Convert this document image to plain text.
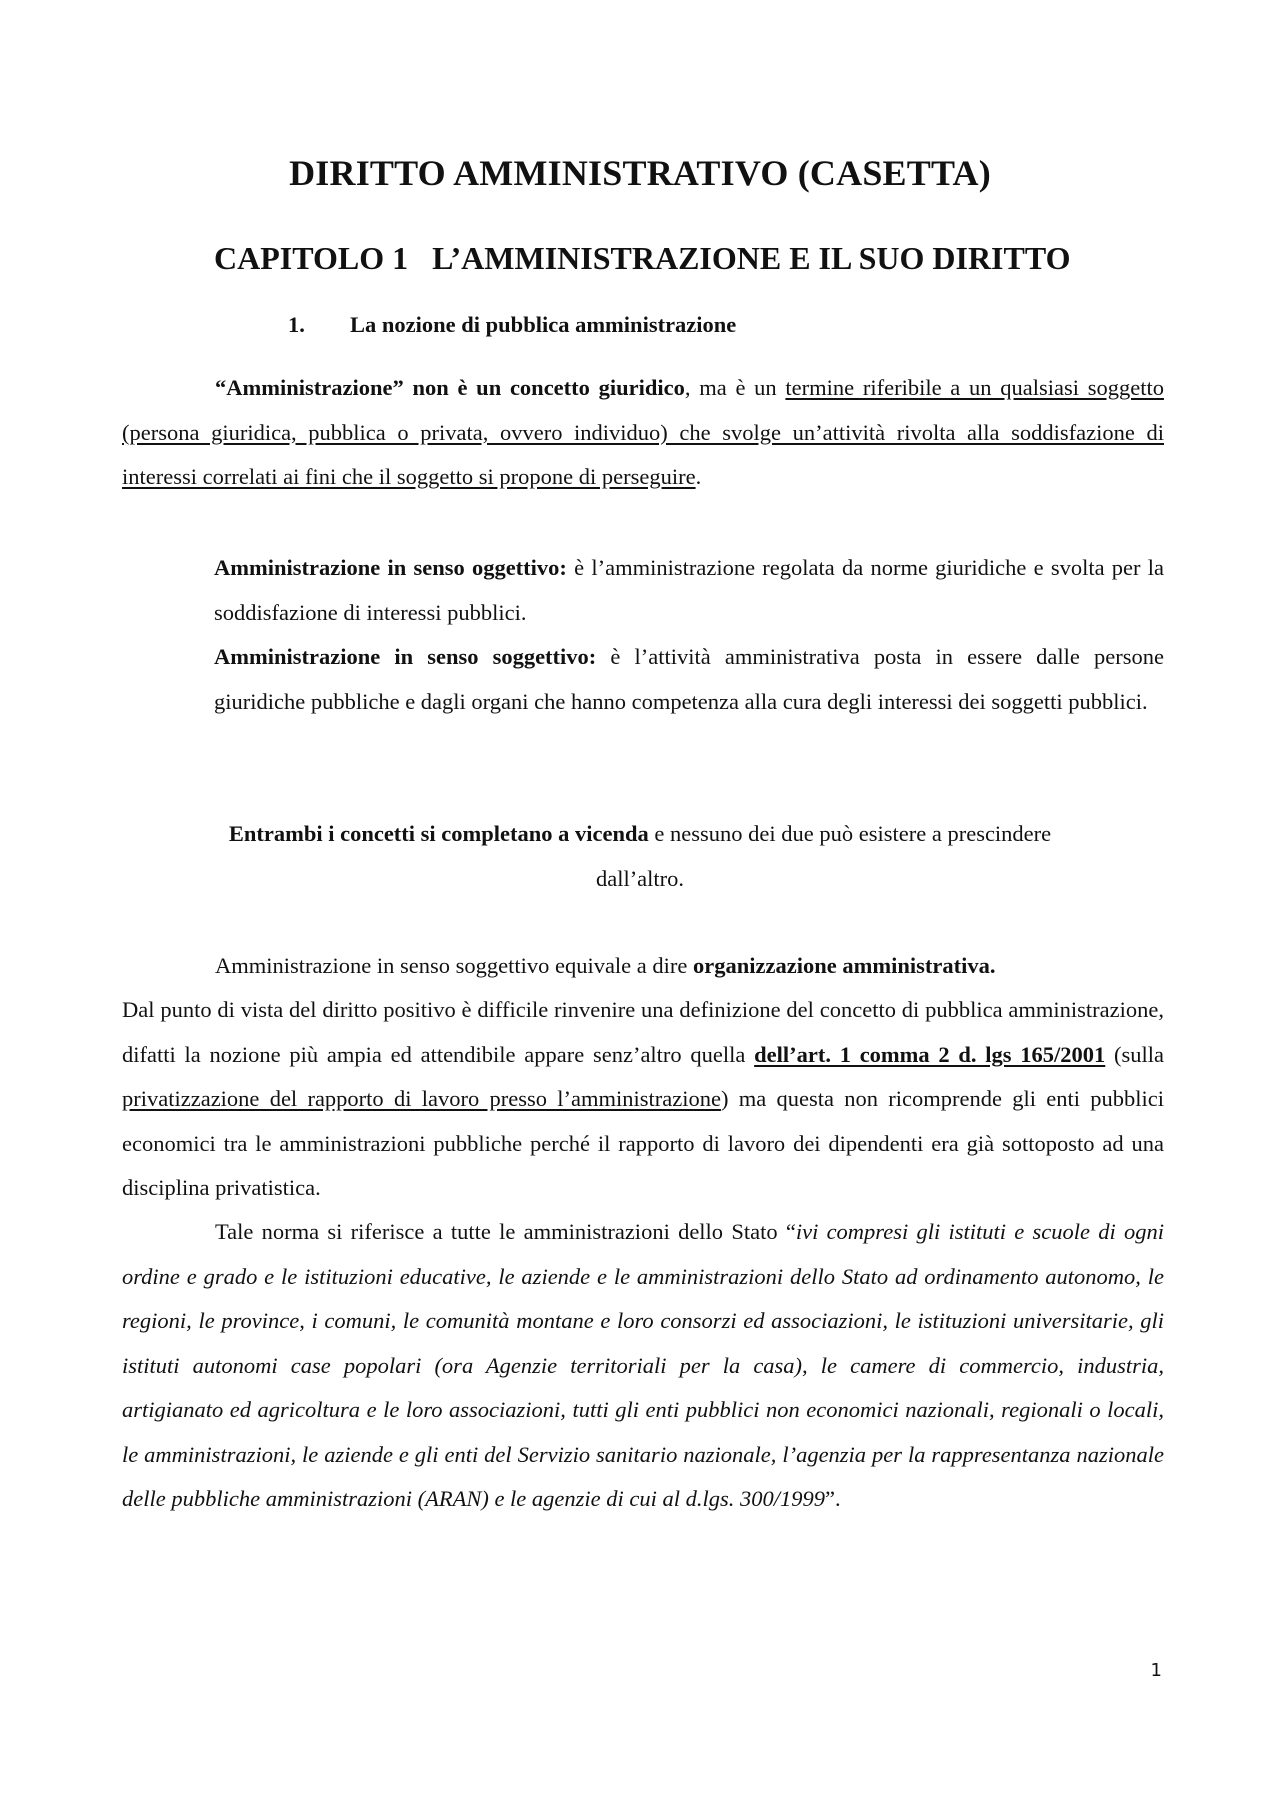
DIRITTO AMMINISTRATIVO (CASETTA)
CAPITOLO 1   L’AMMINISTRAZIONE E IL SUO DIRITTO
1. La nozione di pubblica amministrazione

“Amministrazione” non è un concetto giuridico, ma è un termine riferibile a un qualsiasi soggetto (persona giuridica, pubblica o privata, ovvero individuo) che svolge un’attività rivolta alla soddisfazione di interessi correlati ai fini che il soggetto si propone di perseguire.

Amministrazione in senso oggettivo: è l’amministrazione regolata da norme giuridiche e svolta per la soddisfazione di interessi pubblici.

Amministrazione in senso soggettivo: è l’attività amministrativa posta in essere dalle persone giuridiche pubbliche e dagli organi che hanno competenza alla cura degli interessi dei soggetti pubblici.

Entrambi i concetti si completano a vicenda e nessuno dei due può esistere a prescindere
dall’altro.

Amministrazione in senso soggettivo equivale a dire organizzazione amministrativa.

Dal punto di vista del diritto positivo è difficile rinvenire una definizione del concetto di pubblica amministrazione, difatti la nozione più ampia ed attendibile appare senz’altro quella dell’art. 1 comma 2 d. lgs 165/2001 (sulla privatizzazione del rapporto di lavoro presso l’amministrazione) ma questa non ricomprende gli enti pubblici economici tra le amministrazioni pubbliche perché il rapporto di lavoro dei dipendenti era già sottoposto ad una disciplina privatistica.

Tale norma si riferisce a tutte le amministrazioni dello Stato “ivi compresi gli istituti e scuole di ogni ordine e grado e le istituzioni educative, le aziende e le amministrazioni dello Stato ad ordinamento autonomo, le regioni, le province, i comuni, le comunità montane e loro consorzi ed associazioni, le istituzioni universitarie, gli istituti autonomi case popolari (ora Agenzie territoriali per la casa), le camere di commercio, industria, artigianato ed agricoltura e le loro associazioni, tutti gli enti pubblici non economici nazionali, regionali o locali, le amministrazioni, le aziende e gli enti del Servizio sanitario nazionale, l’agenzia per la rappresentanza nazionale delle pubbliche amministrazioni (ARAN) e le agenzie di cui al d.lgs. 300/1999”.

1
